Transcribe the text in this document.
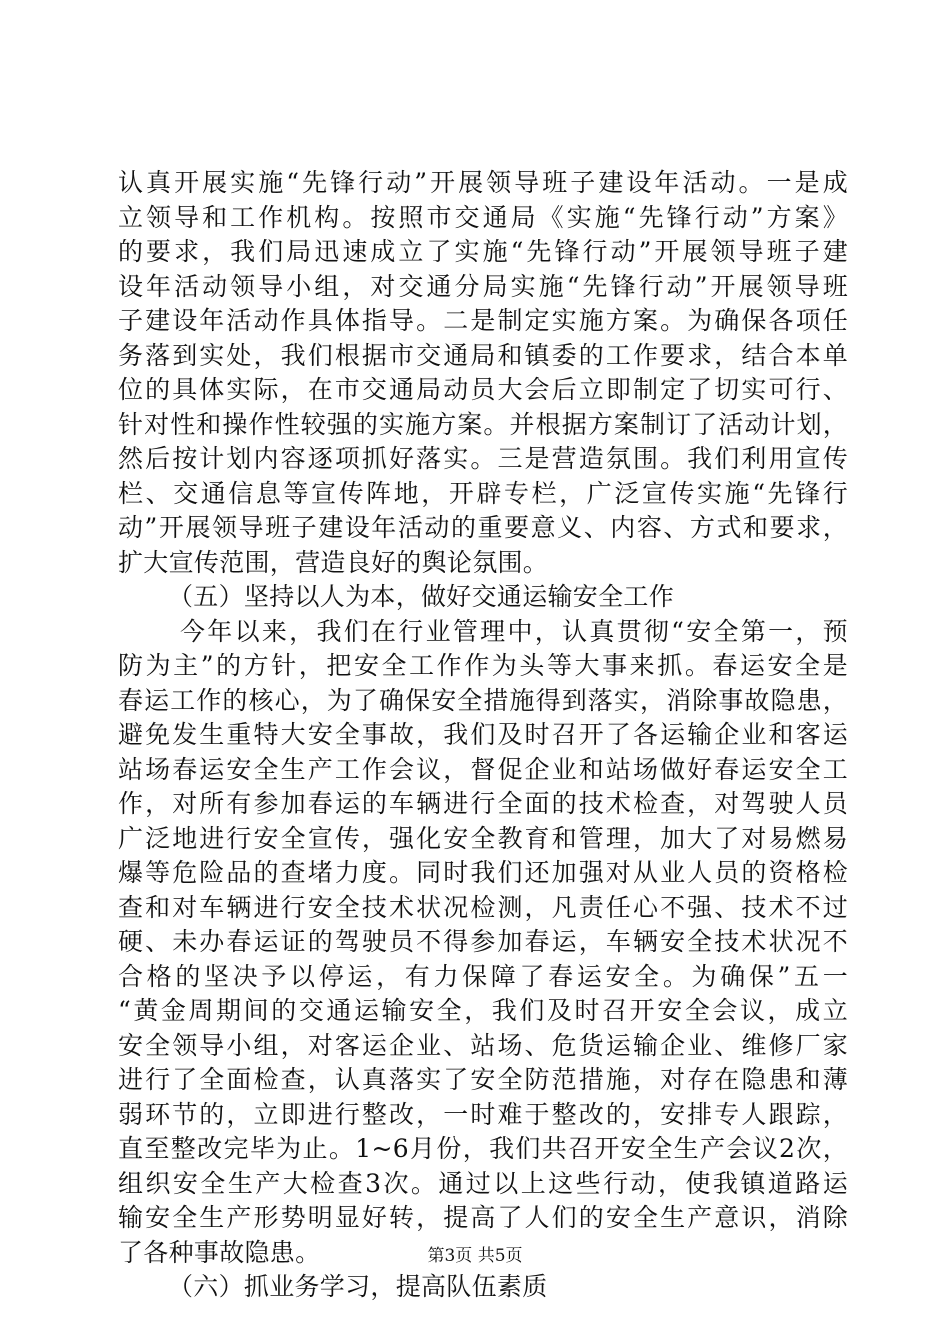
认真开展实施“先锋行动”开展领导班子建设年活动。一是成
立领导和工作机构。按照市交通局《实施“先锋行动”方案》
的要求，我们局迅速成立了实施“先锋行动”开展领导班子建
设年活动领导小组，对交通分局实施“先锋行动”开展领导班
子建设年活动作具体指导。二是制定实施方案。为确保各项任
务落到实处，我们根据市交通局和镇委的工作要求，结合本单
位的具体实际，在市交通局动员大会后立即制定了切实可行、
针对性和操作性较强的实施方案。并根据方案制订了活动计划，
然后按计划内容逐项抓好落实。三是营造氛围。我们利用宣传
栏、交通信息等宣传阵地，开辟专栏，广泛宣传实施“先锋行
动”开展领导班子建设年活动的重要意义、内容、方式和要求，
扩大宣传范围，营造良好的舆论氛围。
（五）坚持以人为本，做好交通运输安全工作
今年以来，我们在行业管理中，认真贯彻“安全第一，预
防为主”的方针，把安全工作作为头等大事来抓。春运安全是
春运工作的核心，为了确保安全措施得到落实，消除事故隐患，
避免发生重特大安全事故，我们及时召开了各运输企业和客运
站场春运安全生产工作会议，督促企业和站场做好春运安全工
作，对所有参加春运的车辆进行全面的技术检查，对驾驶人员
广泛地进行安全宣传，强化安全教育和管理，加大了对易燃易
爆等危险品的查堵力度。同时我们还加强对从业人员的资格检
查和对车辆进行安全技术状况检测，凡责任心不强、技术不过
硬、未办春运证的驾驶员不得参加春运，车辆安全技术状况不
合格的坚决予以停运，有力保障了春运安全。为确保”五一
“黄金周期间的交通运输安全，我们及时召开安全会议，成立
安全领导小组，对客运企业、站场、危货运输企业、维修厂家
进行了全面检查，认真落实了安全防范措施，对存在隐患和薄
弱环节的，立即进行整改，一时难于整改的，安排专人跟踪，
直至整改完毕为止。1~6月份，我们共召开安全生产会议2次，
组织安全生产大检查3次。通过以上这些行动，使我镇道路运
输安全生产形势明显好转，提高了人们的安全生产意识，消除
了各种事故隐患。
（六）抓业务学习，提高队伍素质
第3页 共5页
